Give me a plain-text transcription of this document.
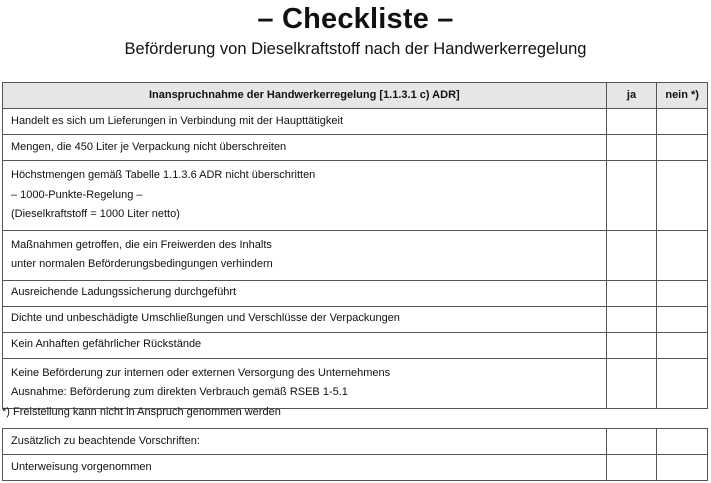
– Checkliste –
Beförderung von Dieselkraftstoff nach der Handwerkerregelung
Inanspruchnahme der Handwerkerregelung [1.1.3.1 c) ADR]	ja	nein *)

Handelt es sich um Lieferungen in Verbindung mit der Haupttätigkeit		

Mengen, die 450 Liter je Verpackung nicht überschreiten		

Höchstmengen gemäß Tabelle 1.1.3.6 ADR nicht überschritten
– 1000-Punkte-Regelung –
(Dieselkraftstoff = 1000 Liter netto)		

Maßnahmen getroffen, die ein Freiwerden des Inhalts
unter normalen Beförderungsbedingungen verhindern		

Ausreichende Ladungssicherung durchgeführt		

Dichte und unbeschädigte Umschließungen und Verschlüsse der Verpackungen		

Kein Anhaften gefährlicher Rückstände		

Keine Beförderung zur internen oder externen Versorgung des Unternehmens
Ausnahme: Beförderung zum direkten Verbrauch gemäß RSEB 1-5.1		

*) Freistellung kann nicht in Anspruch genommen werden
Zusätzlich zu beachtende Vorschriften:		

Unterweisung vorgenommen		
